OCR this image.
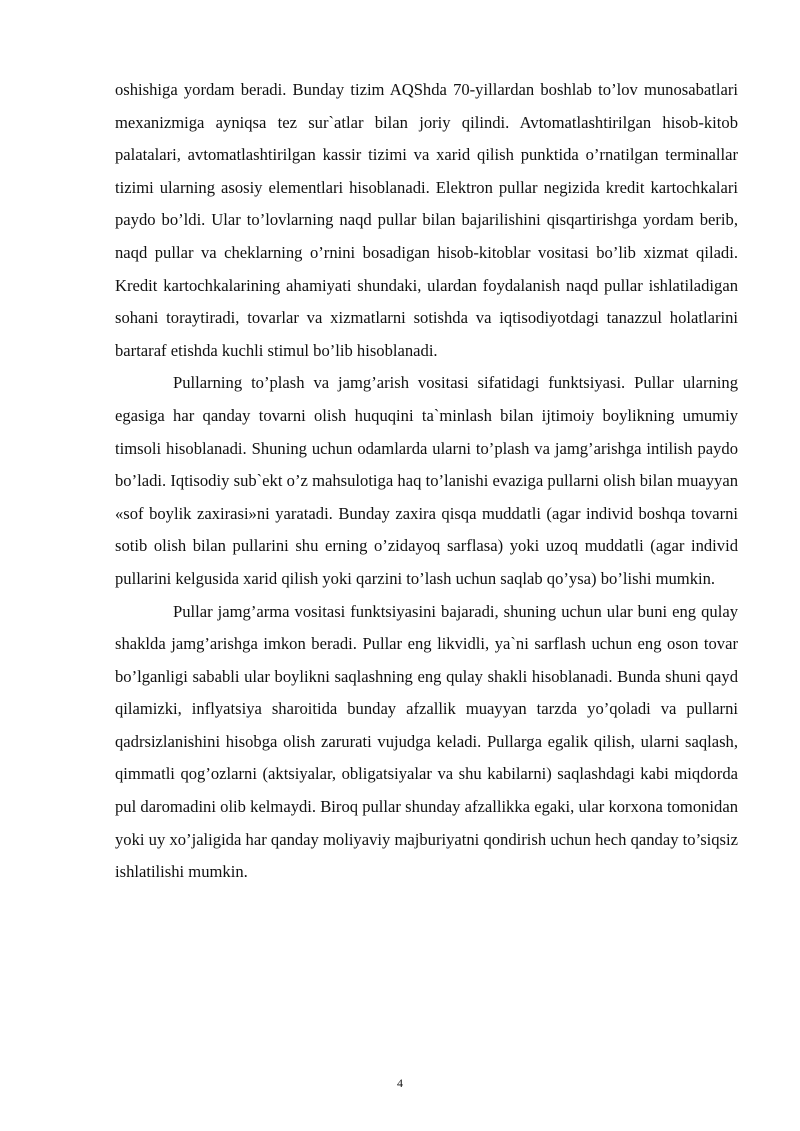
oshishiga yordam beradi. Bunday tizim AQShda 70-yillardan boshlab to’lov munosabatlari mexanizmiga ayniqsa tez sur`atlar bilan joriy qilindi. Avtomatlashtirilgan hisob-kitob palatalari, avtomatlashtirilgan kassir tizimi va xarid qilish punktida o’rnatilgan terminallar tizimi ularning asosiy elementlari hisoblanadi. Elektron pullar negizida kredit kartochkalari paydo bo’ldi. Ular to’lovlarning naqd pullar bilan bajarilishini qisqartirishga yordam berib, naqd pullar va cheklarning o’rnini bosadigan hisob-kitoblar vositasi bo’lib xizmat qiladi. Kredit kartochkalarining ahamiyati shundaki, ulardan foydalanish naqd pullar ishlatiladigan sohani toraytiradi, tovarlar va xizmatlarni sotishda va iqtisodiyotdagi tanazzul holatlarini bartaraf etishda kuchli stimul bo’lib hisoblanadi.

Pullarning to’plash va jamg’arish vositasi sifatidagi funktsiyasi. Pullar ularning egasiga har qanday tovarni olish huquqini ta`minlash bilan ijtimoiy boylikning umumiy timsoli hisoblanadi. Shuning uchun odamlarda ularni to’plash va jamg’arishga intilish paydo bo’ladi. Iqtisodiy sub`ekt o’z mahsulotiga haq to’lanishi evaziga pullarni olish bilan muayyan «sof boylik zaxirasi»ni yaratadi. Bunday zaxira qisqa muddatli (agar individ boshqa tovarni sotib olish bilan pullarini shu erning o’zidayoq sarflasa) yoki uzoq muddatli (agar individ pullarini kelgusida xarid qilish yoki qarzini to’lash uchun saqlab qo’ysa) bo’lishi mumkin.

Pullar jamg’arma vositasi funktsiyasini bajaradi, shuning uchun ular buni eng qulay shaklda jamg’arishga imkon beradi. Pullar eng likvidli, ya`ni sarflash uchun eng oson tovar bo’lganligi sababli ular boylikni saqlashning eng qulay shakli hisoblanadi. Bunda shuni qayd qilamizki, inflyatsiya sharoitida bunday afzallik muayyan tarzda yo’qoladi va pullarni qadrsizlanishini hisobga olish zarurati vujudga keladi. Pullarga egalik qilish, ularni saqlash, qimmatli qog’ozlarni (aktsiyalar, obligatsiyalar va shu kabilarni) saqlashdagi kabi miqdorda pul daromadini olib kelmaydi. Biroq pullar shunday afzallikka egaki, ular korxona tomonidan yoki uy xo’jaligida har qanday moliyaviy majburiyatni qondirish uchun hech qanday to’siqsiz ishlatilishi mumkin.

4
